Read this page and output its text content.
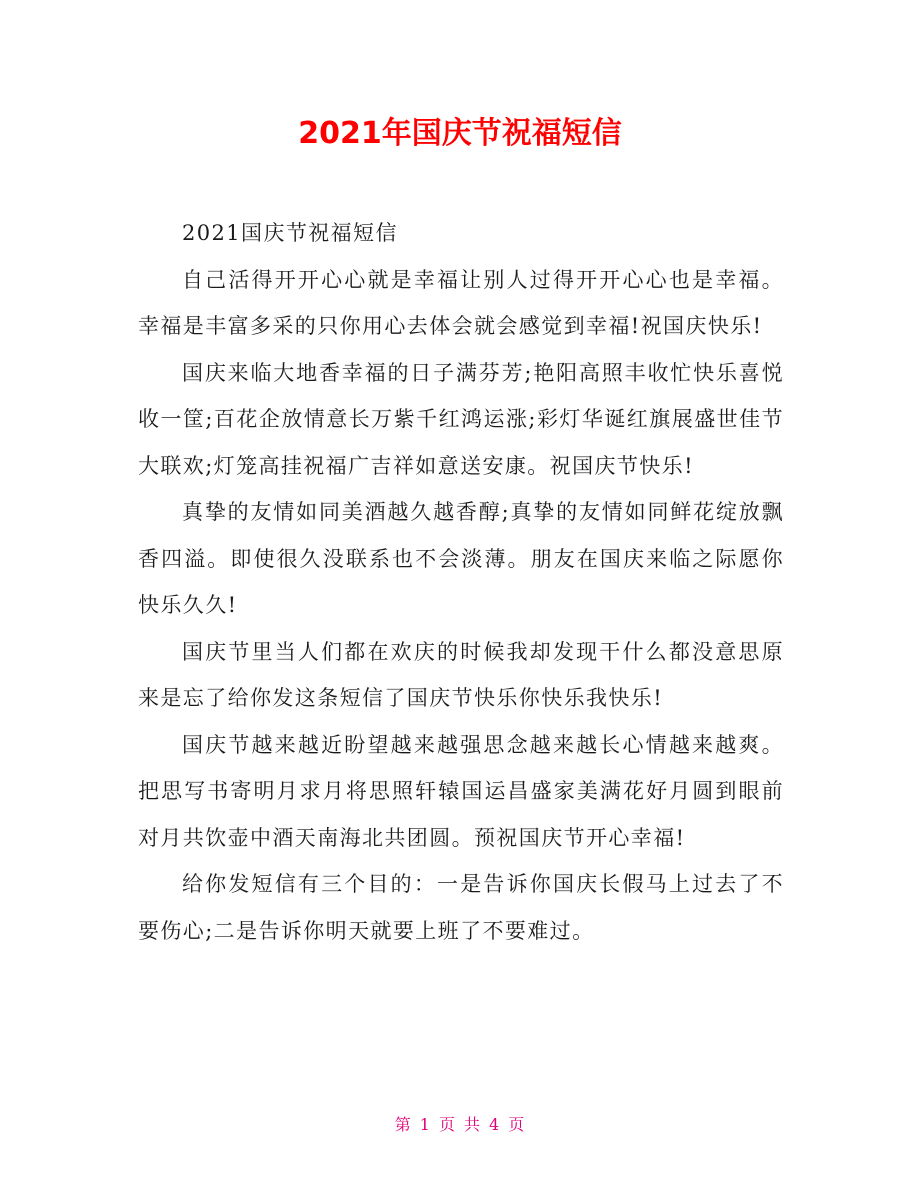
2021年国庆节祝福短信

2021国庆节祝福短信

自己活得开开心心就是幸福让别人过得开开心心也是幸福。幸福是丰富多采的只你用心去体会就会感觉到幸福!祝国庆快乐!

国庆来临大地香幸福的日子满芬芳;艳阳高照丰收忙快乐喜悦收一筐;百花企放情意长万紫千红鸿运涨;彩灯华诞红旗展盛世佳节大联欢;灯笼高挂祝福广吉祥如意送安康。祝国庆节快乐!

真挚的友情如同美酒越久越香醇;真挚的友情如同鲜花绽放飘香四溢。即使很久没联系也不会淡薄。朋友在国庆来临之际愿你快乐久久!

国庆节里当人们都在欢庆的时候我却发现干什么都没意思原来是忘了给你发这条短信了国庆节快乐你快乐我快乐!

国庆节越来越近盼望越来越强思念越来越长心情越来越爽。把思写书寄明月求月将思照轩辕国运昌盛家美满花好月圆到眼前对月共饮壶中酒天南海北共团圆。预祝国庆节开心幸福!

给你发短信有三个目的：一是告诉你国庆长假马上过去了不要伤心;二是告诉你明天就要上班了不要难过。

第 1 页 共 4 页
